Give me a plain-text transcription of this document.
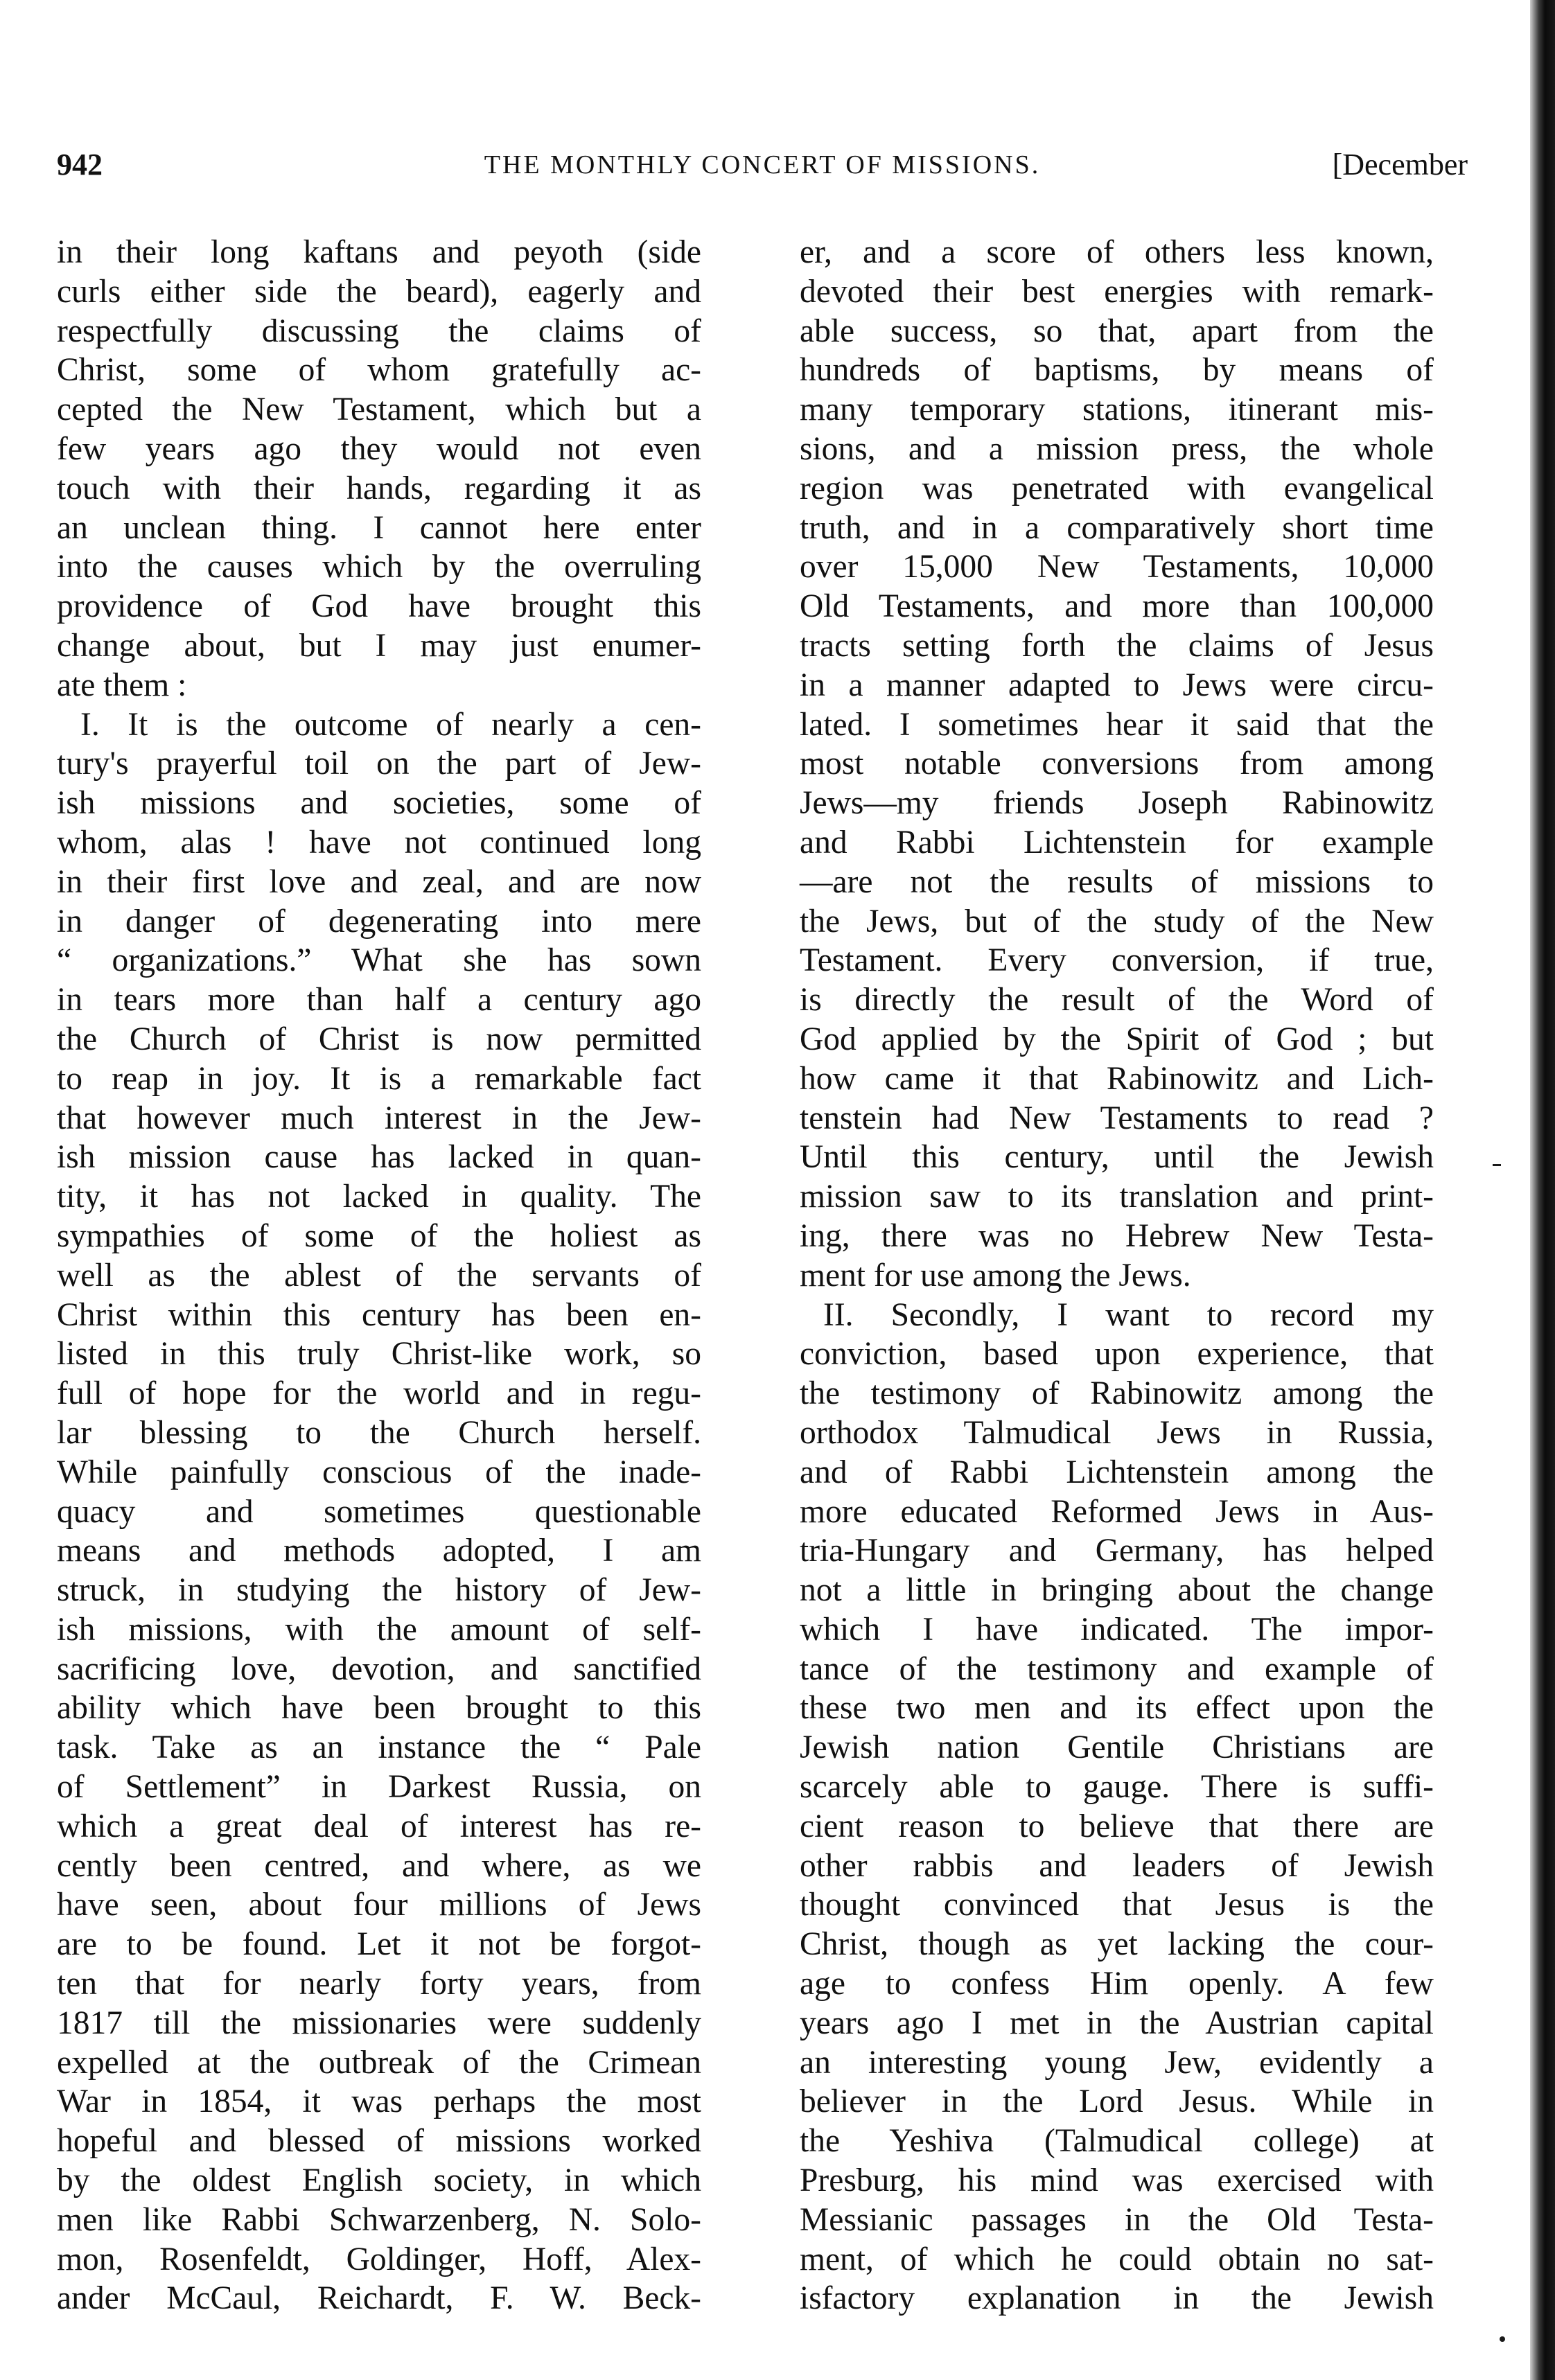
942	THE MONTHLY CONCERT OF MISSIONS.	[December
in their long kaftans and peyoth (side
curls either side the beard), eagerly and
respectfully discussing the claims of
Christ, some of whom gratefully ac-
cepted the New Testament, which but a
few years ago they would not even
touch with their hands, regarding it as
an unclean thing. I cannot here enter
into the causes which by the overruling
providence of God have brought this
change about, but I may just enumer-
ate them :
I. It is the outcome of nearly a cen-
tury's prayerful toil on the part of Jew-
ish missions and societies, some of
whom, alas ! have not continued long
in their first love and zeal, and are now
in danger of degenerating into mere
“ organizations.” What she has sown
in tears more than half a century ago
the Church of Christ is now permitted
to reap in joy. It is a remarkable fact
that however much interest in the Jew-
ish mission cause has lacked in quan-
tity, it has not lacked in quality. The
sympathies of some of the holiest as
well as the ablest of the servants of
Christ within this century has been en-
listed in this truly Christ-like work, so
full of hope for the world and in regu-
lar blessing to the Church herself.
While painfully conscious of the inade-
quacy and sometimes questionable
means and methods adopted, I am
struck, in studying the history of Jew-
ish missions, with the amount of self-
sacrificing love, devotion, and sanctified
ability which have been brought to this
task. Take as an instance the “ Pale
of Settlement” in Darkest Russia, on
which a great deal of interest has re-
cently been centred, and where, as we
have seen, about four millions of Jews
are to be found. Let it not be forgot-
ten that for nearly forty years, from
1817 till the missionaries were suddenly
expelled at the outbreak of the Crimean
War in 1854, it was perhaps the most
hopeful and blessed of missions worked
by the oldest English society, in which
men like Rabbi Schwarzenberg, N. Solo-
mon, Rosenfeldt, Goldinger, Hoff, Alex-
ander McCaul, Reichardt, F. W. Beck-
er, and a score of others less known,
devoted their best energies with remark-
able success, so that, apart from the
hundreds of baptisms, by means of
many temporary stations, itinerant mis-
sions, and a mission press, the whole
region was penetrated with evangelical
truth, and in a comparatively short time
over 15,000 New Testaments, 10,000
Old Testaments, and more than 100,000
tracts setting forth the claims of Jesus
in a manner adapted to Jews were circu-
lated. I sometimes hear it said that the
most notable conversions from among
Jews—my friends Joseph Rabinowitz
and Rabbi Lichtenstein for example
—are not the results of missions to
the Jews, but of the study of the New
Testament. Every conversion, if true,
is directly the result of the Word of
God applied by the Spirit of God ; but
how came it that Rabinowitz and Lich-
tenstein had New Testaments to read ?
Until this century, until the Jewish
mission saw to its translation and print-
ing, there was no Hebrew New Testa-
ment for use among the Jews.
II. Secondly, I want to record my
conviction, based upon experience, that
the testimony of Rabinowitz among the
orthodox Talmudical Jews in Russia,
and of Rabbi Lichtenstein among the
more educated Reformed Jews in Aus-
tria-Hungary and Germany, has helped
not a little in bringing about the change
which I have indicated. The impor-
tance of the testimony and example of
these two men and its effect upon the
Jewish nation Gentile Christians are
scarcely able to gauge. There is suffi-
cient reason to believe that there are
other rabbis and leaders of Jewish
thought convinced that Jesus is the
Christ, though as yet lacking the cour-
age to confess Him openly. A few
years ago I met in the Austrian capital
an interesting young Jew, evidently a
believer in the Lord Jesus. While in
the Yeshiva (Talmudical college) at
Presburg, his mind was exercised with
Messianic passages in the Old Testa-
ment, of which he could obtain no sat-
isfactory explanation in the Jewish
